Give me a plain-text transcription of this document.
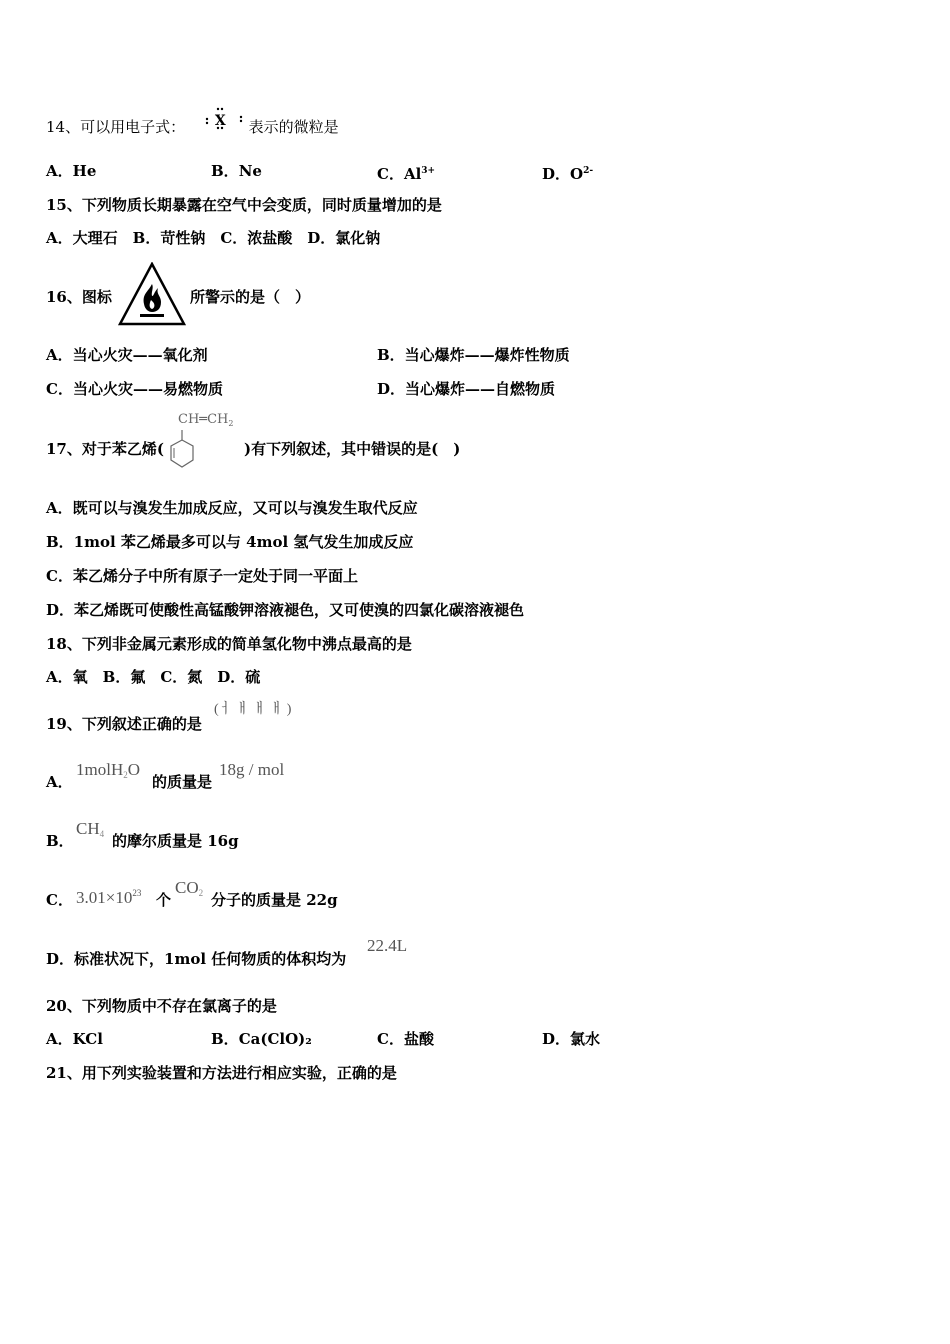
14、可以用电子式： X 表示的微粒是
A．He	B．Ne	C．$Al^{3+}$	D．$O^{2-}$
15、下列物质长期暴露在空气中会变质，同时质量增加的是
A．大理石　B．苛性钠　C．浓盐酸　D．氯化钠
16、图标	所警示的是（　）
A．当心火灾——氧化剂	B．当心爆炸——爆炸性物质
C．当心火灾——易燃物质	D．当心爆炸——自燃物质
17、对于苯乙烯(
$CH═CH_2$
)有下列叙述，其中错误的是(　)
A．既可以与溴发生加成反应，又可以与溴发生取代反应
B．1mol 苯乙烯最多可以与 4mol 氢气发生加成反应
C．苯乙烯分子中所有原子一定处于同一平面上
D．苯乙烯既可使酸性高锰酸钾溶液褪色，又可使溴的四氯化碳溶液褪色
18、下列非金属元素形成的简单氢化物中沸点最高的是
A．氧　B．氟　C．氮　D．硫
19、下列叙述正确的是
(ㅓ ㅐ ㅐ ㅐ )
A．
1molH$_2$O
的质量是
18g / mol
B．
$CH_4$ 的摩尔质量是 16g
C． $3.01\times 10^{23}$ 个
$CO_2$ 分子的质量是 22g
D．标准状况下，1mol 任何物质的体积均为
22.4L
20、下列物质中不存在氯离子的是
A．KCl	B．Ca(ClO)₂	C．盐酸	D．氯水
21、用下列实验装置和方法进行相应实验，正确的是
